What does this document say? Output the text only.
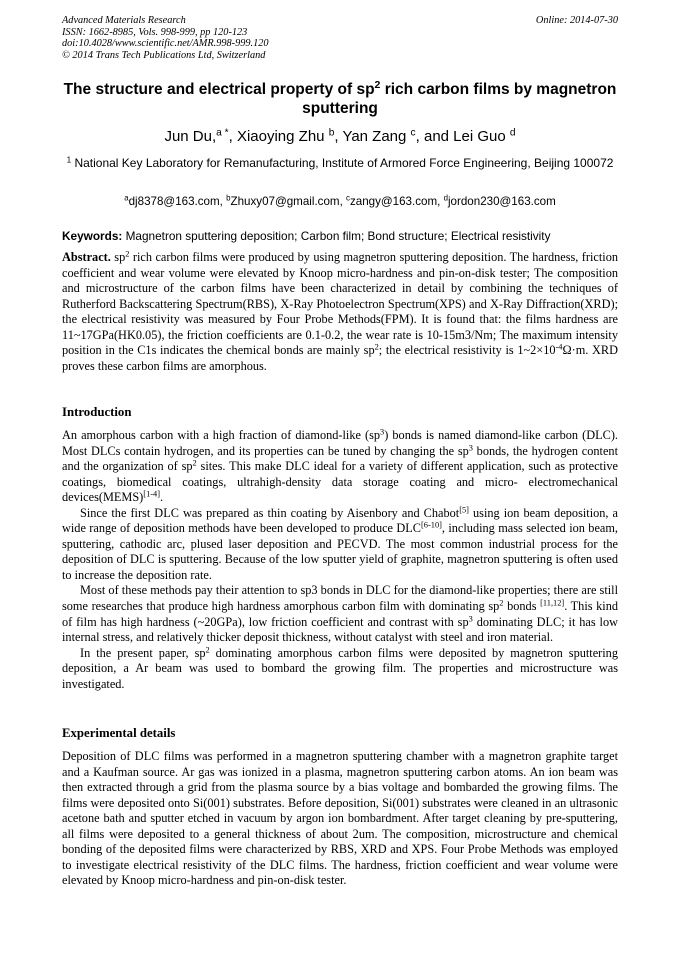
Advanced Materials Research
ISSN: 1662-8985, Vols. 998-999, pp 120-123
doi:10.4028/www.scientific.net/AMR.998-999.120
© 2014 Trans Tech Publications Ltd, Switzerland
Online: 2014-07-30
The structure and electrical property of $sp^2$ rich carbon films by magnetron sputtering
Jun Du,$^{a *}$, Xiaoying Zhu $^b$, Yan Zang $^c$, and Lei Guo $^d$
$^1$ National Key Laboratory for Remanufacturing, Institute of Armored Force Engineering, Beijing 100072
$^a$dj8378@163.com, $^b$Zhuxy07@gmail.com, $^c$zangy@163.com, $^d$jordon230@163.com
Keywords: Magnetron sputtering deposition; Carbon film; Bond structure; Electrical resistivity

Abstract. $sp^2$ rich carbon films were produced by using magnetron sputtering deposition. The hardness, friction coefficient and wear volume were elevated by Knoop micro-hardness and pin-on-disk tester; The composition and microstructure of the carbon films have been characterized in detail by combining the techniques of Rutherford Backscattering Spectrum(RBS), X-Ray Photoelectron Spectrum(XPS) and X-Ray Diffraction(XRD); the electrical resistivity was measured by Four Probe Methods(FPM). It is found that: the films hardness are 11~17GPa(HK0.05), the friction coefficients are 0.1-0.2, the wear rate is 10-15m3/Nm; The maximum intensity position in the C1s indicates the chemical bonds are mainly $sp^2$; the electrical resistivity is $1\sim 2\times 10^{-4}\Omega\cdot m$. XRD proves these carbon films are amorphous.

Introduction

An amorphous carbon with a high fraction of diamond-like $(sp^3)$ bonds is named diamond-like carbon (DLC). Most DLCs contain hydrogen, and its properties can be tuned by changing the $sp^3$ bonds, the hydrogen content and the organization of $sp^2$ sites. This make DLC ideal for a variety of different application, such as protective coatings, biomedical coatings, ultrahigh-density data storage coating and micro- electromechanical devices(MEMS)[1-4].

Since the first DLC was prepared as thin coating by Aisenbory and Chabot[5] using ion beam deposition, a wide range of deposition methods have been developed to produce DLC[6-10], including mass selected ion beam, sputtering, cathodic arc, plused laser deposition and PECVD. The most common industrial process for the deposition of DLC is sputtering. Because of the low sputter yield of graphite, magnetron sputtering is often used to increase the deposition rate.

Most of these methods pay their attention to sp3 bonds in DLC for the diamond-like properties; there are still some researches that produce high hardness amorphous carbon film with dominating $sp^2$ bonds [11,12]. This kind of film has high hardness (~20GPa), low friction coefficient and contrast with $sp^3$ dominating DLC; it has low internal stress, and relatively thicker deposit thickness, without catalyst with steel and iron material.

In the present paper, $sp^2$ dominating amorphous carbon films were deposited by magnetron sputtering deposition, a Ar beam was used to bombard the growing film. The properties and microstructure was investigated.

Experimental details

Deposition of DLC films was performed in a magnetron sputtering chamber with a magnetron graphite target and a Kaufman source. Ar gas was ionized in a plasma, magnetron sputtering carbon atoms. An ion beam was then extracted through a grid from the plasma source by a bias voltage and bombarded the growing films. The films were deposited onto Si(001) substrates. Before deposition, Si(001) substrates were cleaned in an ultrasonic acetone bath and sputter etched in vacuum by argon ion bombardment. After target cleaning by pre-sputtering, all films were deposited to a general thickness of about 2um. The composition, microstructure and chemical bonding of the deposited films were characterized by RBS, XRD and XPS. Four Probe Methods was employed to investigate electrical resistivity of the DLC films. The hardness, friction coefficient and wear volume were elevated by Knoop micro-hardness and pin-on-disk tester.
